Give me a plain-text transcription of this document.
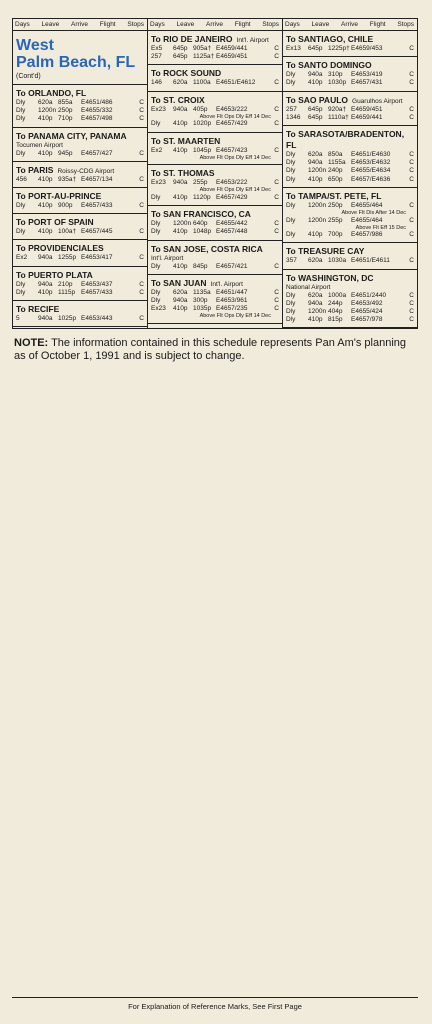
Days Leave Arrive Flight Stops
West
Palm Beach, FL
(Cont'd)
To ORLANDO, FL
Dly	620a 855a	E4651/486	C
Dly	1200n 250p	E4655/332	C
Dly	410p 710p	E4657/498	C
To PANAMA CITY, PANAMA
Tocumen Airport
Dly	410p 945p	E4657/427	C
To PARIS Roissy-CDG Airport
456	410p 935a† E4657/134	C
To PORT-AU-PRINCE
Dly	410p 900p	E4657/433	C
To PORT OF SPAIN
Dly	410p 100a† E4657/445	C
To PROVIDENCIALES
Ex2	940a 1255p E4653/417	C
To PUERTO PLATA
Dly	940a 210p	E4653/437	C
Dly	410p 1115p E4657/433	C
To RECIFE
5	940a 1025p E4653/443	C
Days Leave Arrive Flight Stops
To RIO DE JANEIRO Int'l. Airport
Ex5	645p 905a† E4659/441	C
257	645p 1125a† E4659/451	C
To ROCK SOUND
146	620a 1100a E4651/E4612	C
To ST. CROIX
Ex23	940a 405p	E4653/222	C
Above Flt Ops Dly Eff 14 Dec
Dly	410p 1020p E4657/429	C
To ST. MAARTEN
Ex2	410p 1045p E4657/423	C
Above Flt Ops Dly Eff 14 Dec
To ST. THOMAS
Ex23	940a 255p	E4653/222	C
Above Flt Ops Dly Eff 14 Dec
Dly	410p 1120p E4657/429	C
To SAN FRANCISCO, CA
Dly	1200n 640p	E4655/442	C
Dly	410p 1048p E4657/448	C
To SAN JOSE, COSTA RICA
Int'l. Airport
Dly	410p 845p	E4657/421	C
To SAN JUAN Int'l. Airport
Dly	620a 1135a E4651/447	C
Dly	940a 300p	E4653/961	C
Ex23	410p 1035p E4657/235	C
Above Flt Ops Dly Eff 14 Dec
Days Leave Arrive Flight Stops
To SANTIAGO, CHILE
Ex13	645p 1225p† E4659/453	C
To SANTO DOMINGO
Dly	940a 310p	E4653/419	C
Dly	410p 1030p E4657/431	C
To SAO PAULO Guarulhos Airport
257	645p 920a† E4659/451	C
1346	645p 1110a† E4659/441	C
To SARASOTA/BRADENTON, FL
Dly	620a 850a	E4651/E4630	C
Dly	940a 1155a E4653/E4632	C
Dly	1200n 240p	E4655/E4634	C
Dly	410p 650p	E4657/E4636	C
To TAMPA/ST. PETE, FL
Dly	1200n 250p	E4655/464	C
Above Flt Dis After 14 Dec
Dly	1200n 255p	E4655/464	C
Above Flt Eff 15 Dec
Dly	410p 700p	E4657/986	C
To TREASURE CAY
357	620a 1030a E4651/E4611	C
To WASHINGTON, DC
National Airport
Dly	620a 1000a E4651/2440	C
Dly	940a 244p	E4653/492	C
Dly	1200n 404p	E4655/424	C
Dly	410p 815p	E4657/978	C
NOTE: The information contained in this schedule represents Pan Am's planning as of October 1, 1991 and is subject to change.
For Explanation of Reference Marks, See First Page
